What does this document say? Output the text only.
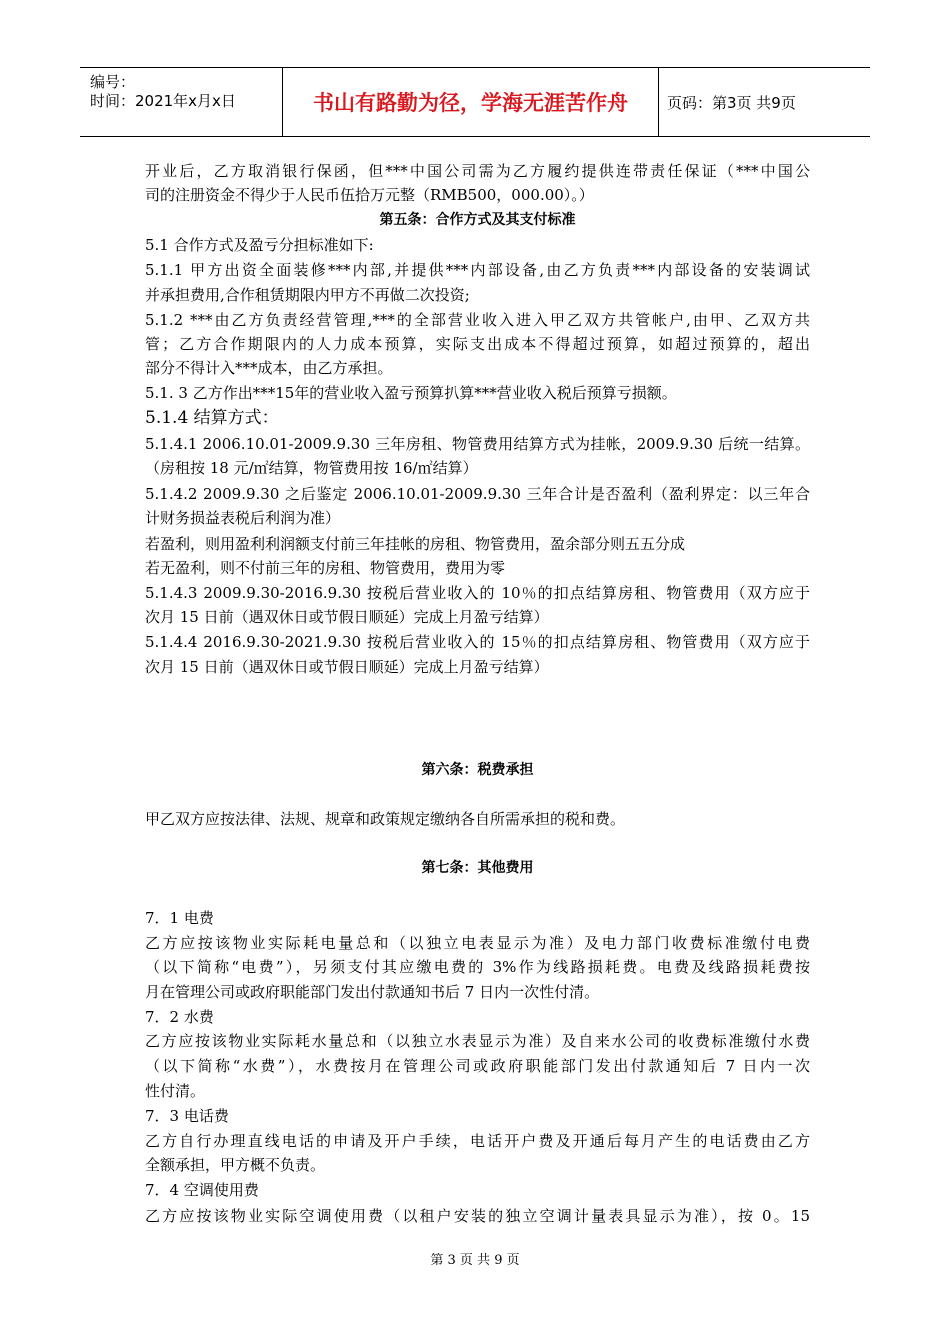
编号：
时间：2021年x月x日	书山有路勤为径，学海无涯苦作舟	页码：第3页 共9页
开业后，乙方取消银行保函，但***中国公司需为乙方履约提供连带责任保证（***中国公
司的注册资金不得少于人民币伍拾万元整（RMB500，000.00）。）
第五条：合作方式及其支付标准
5.1 合作方式及盈亏分担标准如下:
5.1.1 甲方出资全面装修***内部,并提供***内部设备,由乙方负责***内部设备的安装调试
并承担费用,合作租赁期限内甲方不再做二次投资;
5.1.2 ***由乙方负责经营管理,***的全部营业收入进入甲乙双方共管帐户,由甲、乙双方共
管；乙方合作期限内的人力成本预算，实际支出成本不得超过预算，如超过预算的，超出
部分不得计入***成本，由乙方承担。
5.1. 3 乙方作出***15年的营业收入盈亏预算扒算***营业收入税后预算亏损额。
5.1.4 结算方式：
5.1.4.1 2006.10.01-2009.9.30 三年房租、物管费用结算方式为挂帐，2009.9.30 后统一结算。
（房租按 18 元/㎡结算，物管费用按 16/㎡结算）
5.1.4.2 2009.9.30 之后鉴定 2006.10.01-2009.9.30 三年合计是否盈利（盈利界定：以三年合
计财务损益表税后利润为准）
若盈利，则用盈利利润额支付前三年挂帐的房租、物管费用，盈余部分则五五分成
若无盈利，则不付前三年的房租、物管费用，费用为零
5.1.4.3 2009.9.30-2016.9.30 按税后营业收入的 10％的扣点结算房租、物管费用（双方应于
次月 15 日前（遇双休日或节假日顺延）完成上月盈亏结算）
5.1.4.4 2016.9.30-2021.9.30 按税后营业收入的 15％的扣点结算房租、物管费用（双方应于
次月 15 日前（遇双休日或节假日顺延）完成上月盈亏结算）
第六条：税费承担
甲乙双方应按法律、法规、规章和政策规定缴纳各自所需承担的税和费。
第七条：其他费用
7．1 电费
乙方应按该物业实际耗电量总和（以独立电表显示为准）及电力部门收费标准缴付电费
（以下简称“电费”），另须支付其应缴电费的 3%作为线路损耗费。电费及线路损耗费按
月在管理公司或政府职能部门发出付款通知书后 7 日内一次性付清。
7．2 水费
乙方应按该物业实际耗水量总和（以独立水表显示为准）及自来水公司的收费标准缴付水费
（以下简称“水费”），水费按月在管理公司或政府职能部门发出付款通知后 7 日内一次
性付清。
7．3 电话费
乙方自行办理直线电话的申请及开户手续，电话开户费及开通后每月产生的电话费由乙方
全额承担，甲方概不负责。
7．4 空调使用费
乙方应按该物业实际空调使用费（以租户安装的独立空调计量表具显示为准），按 0。15
第 3 页 共 9 页
